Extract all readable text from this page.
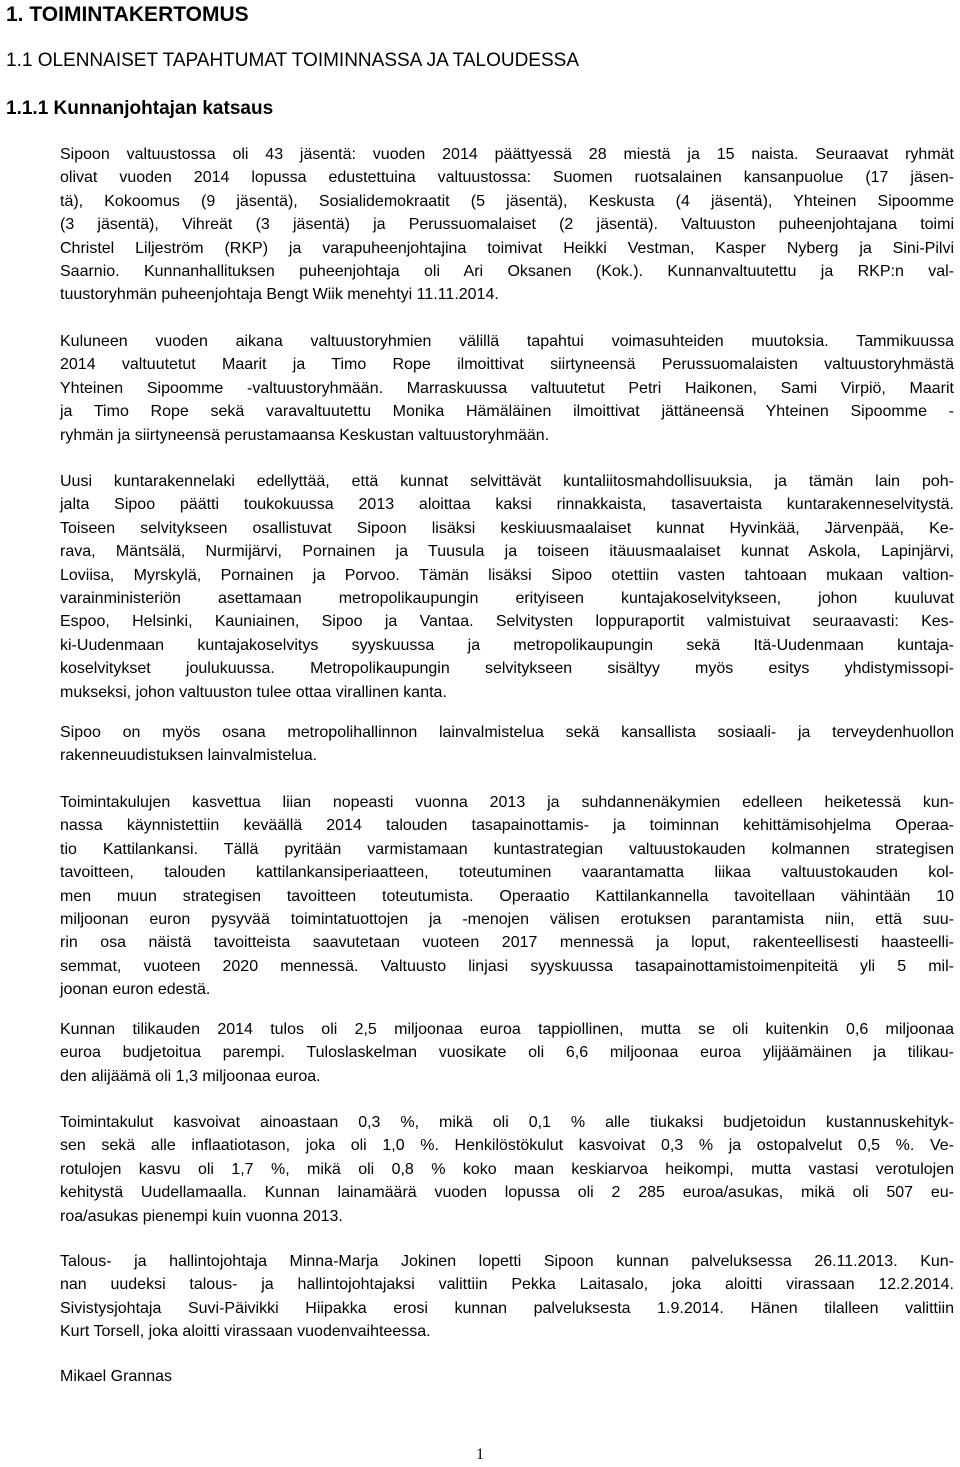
1. TOIMINTAKERTOMUS
1.1 OLENNAISET TAPAHTUMAT TOIMINNASSA JA TALOUDESSA
1.1.1 Kunnanjohtajan katsaus
Sipoon valtuustossa oli 43 jäsentä: vuoden 2014 päättyessä 28 miestä ja 15 naista. Seuraavat ryhmät
olivat vuoden 2014 lopussa edustettuina valtuustossa: Suomen ruotsalainen kansanpuolue (17 jäsen-
tä), Kokoomus (9 jäsentä), Sosialidemokraatit (5 jäsentä), Keskusta (4 jäsentä), Yhteinen Sipoomme
(3 jäsentä), Vihreät (3 jäsentä) ja Perussuomalaiset (2 jäsentä). Valtuuston puheenjohtajana toimi
Christel Liljeström (RKP) ja varapuheenjohtajina toimivat Heikki Vestman, Kasper Nyberg ja Sini-Pilvi
Saarnio. Kunnanhallituksen puheenjohtaja oli Ari Oksanen (Kok.). Kunnanvaltuutettu ja RKP:n val-
tuustoryhmän puheenjohtaja Bengt Wiik menehtyi 11.11.2014.
Kuluneen vuoden aikana valtuustoryhmien välillä tapahtui voimasuhteiden muutoksia. Tammikuussa
2014 valtuutetut Maarit ja Timo Rope ilmoittivat siirtyneensä Perussuomalaisten valtuustoryhmästä
Yhteinen Sipoomme -valtuustoryhmään. Marraskuussa valtuutetut Petri Haikonen, Sami Virpiö, Maarit
ja Timo Rope sekä varavaltuutettu Monika Hämäläinen ilmoittivat jättäneensä Yhteinen Sipoomme -
ryhmän ja siirtyneensä perustamaansa Keskustan valtuustoryhmään.
Uusi kuntarakennelaki edellyttää, että kunnat selvittävät kuntaliitosmahdollisuuksia, ja tämän lain poh-
jalta Sipoo päätti toukokuussa 2013 aloittaa kaksi rinnakkaista, tasavertaista kuntarakenneselvitystä.
Toiseen selvitykseen osallistuvat Sipoon lisäksi keskiuusmaalaiset kunnat Hyvinkää, Järvenpää, Ke-
rava, Mäntsälä, Nurmijärvi, Pornainen ja Tuusula ja toiseen itäuusmaalaiset kunnat Askola, Lapinjärvi,
Loviisa, Myrskylä, Pornainen ja Porvoo. Tämän lisäksi Sipoo otettiin vasten tahtoaan mukaan valtion-
varainministeriön asettamaan metropolikaupungin erityiseen kuntajakoselvitykseen, johon kuuluvat
Espoo, Helsinki, Kauniainen, Sipoo ja Vantaa. Selvitysten loppuraportit valmistuivat seuraavasti: Kes-
ki-Uudenmaan kuntajakoselvitys syyskuussa ja metropolikaupungin sekä Itä-Uudenmaan kuntaja-
koselvitykset joulukuussa. Metropolikaupungin selvitykseen sisältyy myös esitys yhdistymissopi-
mukseksi, johon valtuuston tulee ottaa virallinen kanta.
Sipoo on myös osana metropolihallinnon lainvalmistelua sekä kansallista sosiaali- ja terveydenhuollon
rakenneuudistuksen lainvalmistelua.
Toimintakulujen kasvettua liian nopeasti vuonna 2013 ja suhdannenäkymien edelleen heiketessä kun-
nassa käynnistettiin keväällä 2014 talouden tasapainottamis- ja toiminnan kehittämisohjelma Operaa-
tio Kattilankansi. Tällä pyritään varmistamaan kuntastrategian valtuustokauden kolmannen strategisen
tavoitteen, talouden kattilankansiperiaatteen, toteutuminen vaarantamatta liikaa valtuustokauden kol-
men muun strategisen tavoitteen toteutumista. Operaatio Kattilankannella tavoitellaan vähintään 10
miljoonan euron pysyvää toimintatuottojen ja -menojen välisen erotuksen parantamista niin, että suu-
rin osa näistä tavoitteista saavutetaan vuoteen 2017 mennessä ja loput, rakenteellisesti haasteelli-
semmat, vuoteen 2020 mennessä. Valtuusto linjasi syyskuussa tasapainottamistoimenpiteitä yli 5 mil-
joonan euron edestä.
Kunnan tilikauden 2014 tulos oli 2,5 miljoonaa euroa tappiollinen, mutta se oli kuitenkin 0,6 miljoonaa
euroa budjetoitua parempi. Tuloslaskelman vuosikate oli 6,6 miljoonaa euroa ylijäämäinen ja tilikau-
den alijäämä oli 1,3 miljoonaa euroa.
Toimintakulut kasvoivat ainoastaan 0,3 %, mikä oli 0,1 % alle tiukaksi budjetoidun kustannuskehityk-
sen sekä alle inflaatiotason, joka oli 1,0 %. Henkilöstökulut kasvoivat 0,3 % ja ostopalvelut 0,5 %. Ve-
rotulojen kasvu oli 1,7 %, mikä oli 0,8 % koko maan keskiarvoa heikompi, mutta vastasi verotulojen
kehitystä Uudellamaalla. Kunnan lainamäärä vuoden lopussa oli 2 285 euroa/asukas, mikä oli 507 eu-
roa/asukas pienempi kuin vuonna 2013.
Talous- ja hallintojohtaja Minna-Marja Jokinen lopetti Sipoon kunnan palveluksessa 26.11.2013. Kun-
nan uudeksi talous- ja hallintojohtajaksi valittiin Pekka Laitasalo, joka aloitti virassaan 12.2.2014.
Sivistysjohtaja Suvi-Päivikki Hiipakka erosi kunnan palveluksesta 1.9.2014. Hänen tilalleen valittiin
Kurt Torsell, joka aloitti virassaan vuodenvaihteessa.

Mikael Grannas

1
